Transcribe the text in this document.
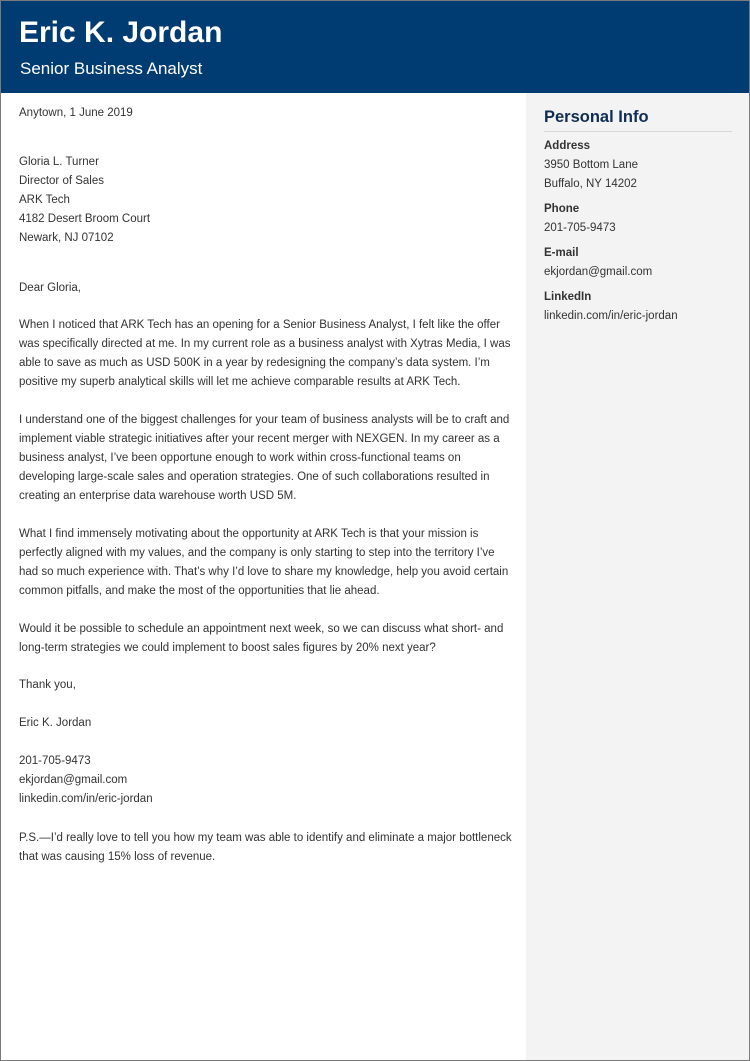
Eric K. Jordan
Senior Business Analyst
Anytown, 1 June 2019
Gloria L. Turner
Director of Sales
ARK Tech
4182 Desert Broom Court
Newark, NJ 07102
Dear Gloria,
When I noticed that ARK Tech has an opening for a Senior Business Analyst, I felt like the offer
was specifically directed at me. In my current role as a business analyst with Xytras Media, I was
able to save as much as USD 500K in a year by redesigning the company’s data system. I’m
positive my superb analytical skills will let me achieve comparable results at ARK Tech.
I understand one of the biggest challenges for your team of business analysts will be to craft and
implement viable strategic initiatives after your recent merger with NEXGEN. In my career as a
business analyst, I’ve been opportune enough to work within cross-functional teams on
developing large-scale sales and operation strategies. One of such collaborations resulted in
creating an enterprise data warehouse worth USD 5M.
What I find immensely motivating about the opportunity at ARK Tech is that your mission is
perfectly aligned with my values, and the company is only starting to step into the territory I’ve
had so much experience with. That’s why I’d love to share my knowledge, help you avoid certain
common pitfalls, and make the most of the opportunities that lie ahead.
Would it be possible to schedule an appointment next week, so we can discuss what short- and
long-term strategies we could implement to boost sales figures by 20% next year?
Thank you,
Eric K. Jordan
201-705-9473
ekjordan@gmail.com
linkedin.com/in/eric-jordan
P.S.—I’d really love to tell you how my team was able to identify and eliminate a major bottleneck
that was causing 15% loss of revenue.
Personal Info
Address
3950 Bottom Lane
Buffalo, NY 14202
Phone
201-705-9473
E-mail
ekjordan@gmail.com
LinkedIn
linkedin.com/in/eric-jordan
